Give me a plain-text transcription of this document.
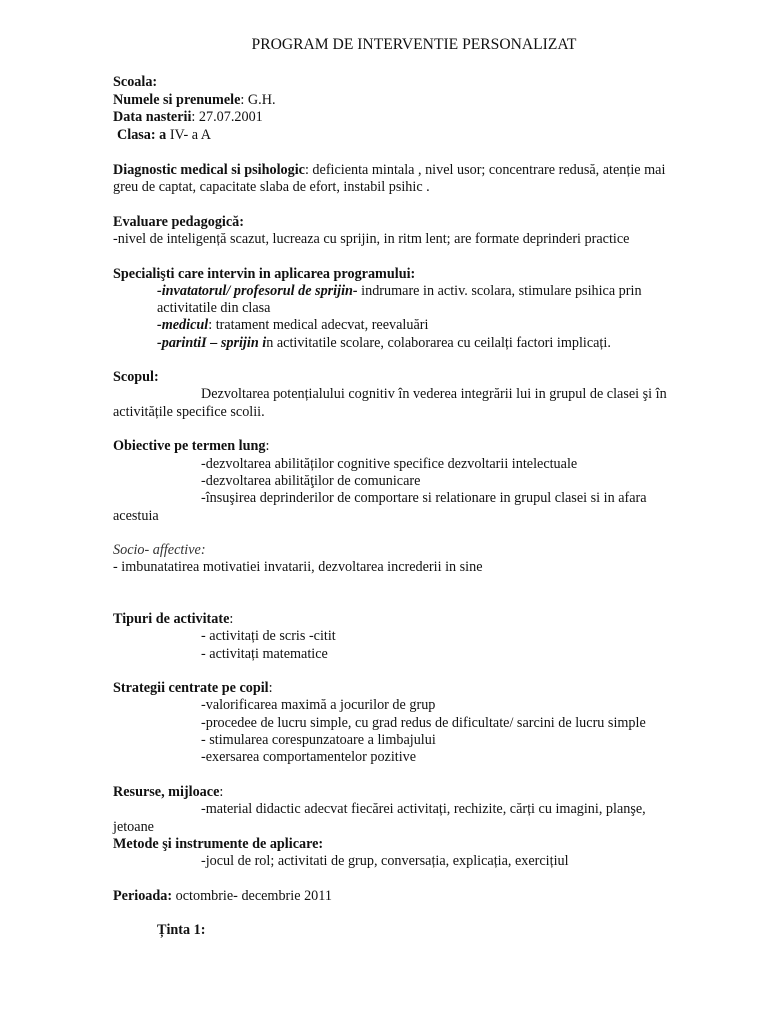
PROGRAM DE INTERVENTIE PERSONALIZAT
Scoala:
Numele si prenumele: G.H.
Data nasterii: 27.07.2001
Clasa: a IV- a A
Diagnostic medical si psihologic: deficienta mintala , nivel usor; concentrare redusă, atenție mai
greu de captat, capacitate slaba de efort, instabil psihic .
Evaluare pedagogică:
-nivel de inteligență scazut, lucreaza cu sprijin, in ritm lent; are formate deprinderi practice
Specialişti care intervin in aplicarea programului:
-invatatorul/ profesorul de sprijin- indrumare in activ. scolara, stimulare psihica prin
activitatile din clasa
-medicul: tratament medical adecvat, reevaluări
-parintiI – sprijin in activitatile scolare, colaborarea cu ceilalți factori implicați.
Scopul:
Dezvoltarea potențialului cognitiv în vederea integrării lui in grupul de clasei şi în
activitățile specifice scolii.
Obiective pe termen lung:
-dezvoltarea abilităților cognitive specifice dezvoltarii intelectuale
-dezvoltarea abilităţilor de comunicare
-însuşirea deprinderilor de comportare si relationare in grupul clasei si in afara
acestuia
Socio- affective:
- imbunatatirea motivatiei invatarii, dezvoltarea increderii in sine
Tipuri de activitate:
- activitați de scris -citit
- activitați matematice
Strategii centrate pe copil:
-valorificarea maximă a jocurilor de grup
-procedee de lucru simple, cu grad redus de dificultate/ sarcini de lucru simple
- stimularea corespunzatoare a limbajului
-exersarea comportamentelor pozitive
Resurse, mijloace:
-material didactic adecvat fiecărei activitați, rechizite, cărți cu imagini, planşe,
jetoane
Metode şi instrumente de aplicare:
-jocul de rol; activitati de grup, conversația, explicația, exercițiul
Perioada: octombrie- decembrie 2011
Ținta 1:
